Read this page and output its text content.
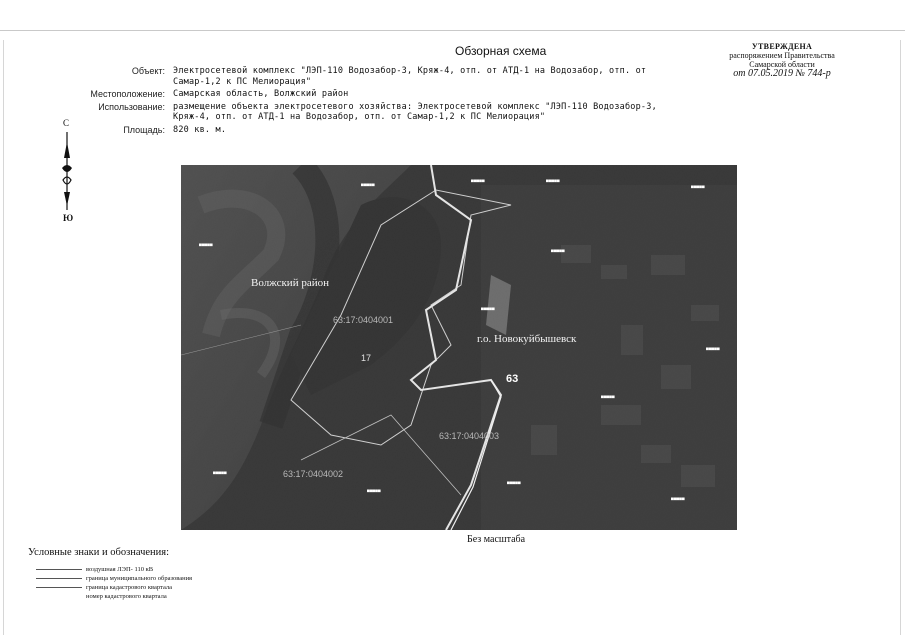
Обзорная схема	УТВЕРЖДЕНА
распоряжением Правительства
Самарской области
от 07.05.2019 № 744-р
Объект: Электросетевой комплекс "ЛЭП-110 Водозабор-3, Кряж-4, отп. от АТД-1 на Водозабор, отп. от Самар-1,2 к ПС Мелиорация"
Местоположение: Самарская область, Волжский район
Использование: размещение объекта электросетевого хозяйства: Электросетевой комплекс "ЛЭП-110 Водозабор-3, Кряж-4, отп. от АТД-1 на Водозабор, отп. от Самар-1,2 к ПС Мелиорация"
Площадь: 820 кв. м.
С
Ю
Волжский район
г.о. Новокуйбышевск
63:17:0404001
63:17:0404002
63:17:0404003
17
63
■■■■■
■■■■■	■■■■■
■■■■■
■■■■■
■■■■■
■■■■■
■■■■■
■■■■■
■■■■■
■■■■■
■■■■■
■■■■■
Без масштаба
Условные знаки и обозначения:
воздушная ЛЭП- 110 кВ
граница муниципального образования
граница кадастрового квартала
номер кадастрового квартала
